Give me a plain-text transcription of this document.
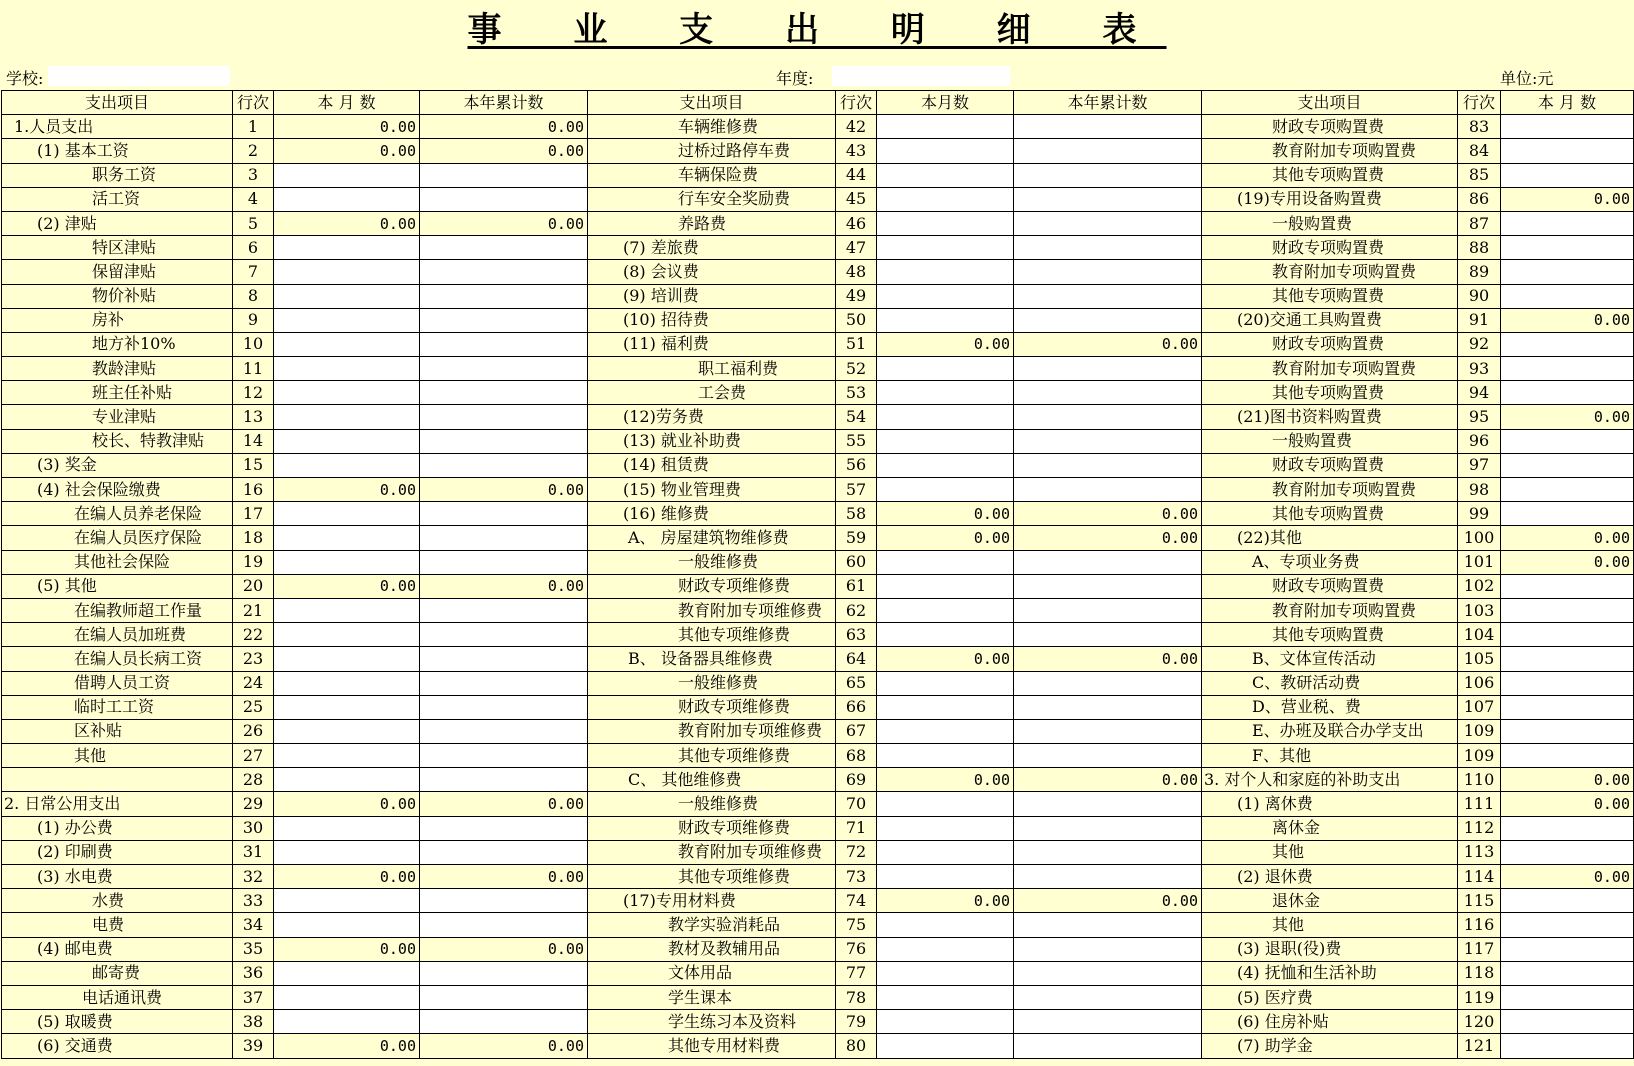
事 业 支 出 明 细 表
学校:	年度:	单位:元
支出项目	行次	本 月 数	本年累计数	支出项目	行次	本月数	本年累计数	支出项目	行次	本 月 数
1.人员支出	1	0.00	0.00	车辆维修费	42			财政专项购置费	83	
(1) 基本工资	2	0.00	0.00	过桥过路停车费	43			教育附加专项购置费	84	
职务工资	3			车辆保险费	44			其他专项购置费	85	
活工资	4			行车安全奖励费	45			(19)专用设备购置费	86	0.00
(2) 津贴	5	0.00	0.00	养路费	46			一般购置费	87	
特区津贴	6			(7) 差旅费	47			财政专项购置费	88	
保留津贴	7			(8) 会议费	48			教育附加专项购置费	89	
物价补贴	8			(9) 培训费	49			其他专项购置费	90	
房补	9			(10) 招待费	50			(20)交通工具购置费	91	0.00
地方补10%	10			(11) 福利费	51	0.00	0.00	财政专项购置费	92	
教龄津贴	11			职工福利费	52			教育附加专项购置费	93	
班主任补贴	12			工会费	53			其他专项购置费	94	
专业津贴	13			(12)劳务费	54			(21)图书资料购置费	95	0.00
校长、特教津贴	14			(13) 就业补助费	55			一般购置费	96	
(3) 奖金	15			(14) 租赁费	56			财政专项购置费	97	
(4) 社会保险缴费	16	0.00	0.00	(15) 物业管理费	57			教育附加专项购置费	98	
在编人员养老保险	17			(16) 维修费	58	0.00	0.00	其他专项购置费	99	
在编人员医疗保险	18			A、 房屋建筑物维修费	59	0.00	0.00	(22)其他	100	0.00
其他社会保险	19			一般维修费	60			A、专项业务费	101	0.00
(5) 其他	20	0.00	0.00	财政专项维修费	61			财政专项购置费	102	
在编教师超工作量	21			教育附加专项维修费	62			教育附加专项购置费	103	
在编人员加班费	22			其他专项维修费	63			其他专项购置费	104	
在编人员长病工资	23			B、 设备器具维修费	64	0.00	0.00	B、文体宣传活动	105	
借聘人员工资	24			一般维修费	65			C、教研活动费	106	
临时工工资	25			财政专项维修费	66			D、营业税、费	107	
区补贴	26			教育附加专项维修费	67			E、办班及联合办学支出	109	
其他	27			其他专项维修费	68			F、其他	109	
	28			C、 其他维修费	69	0.00	0.00	3. 对个人和家庭的补助支出	110	0.00
2. 日常公用支出	29	0.00	0.00	一般维修费	70			(1) 离休费	111	0.00
(1) 办公费	30			财政专项维修费	71			离休金	112	
(2) 印刷费	31			教育附加专项维修费	72			其他	113	
(3) 水电费	32	0.00	0.00	其他专项维修费	73			(2) 退休费	114	0.00
水费	33			(17)专用材料费	74	0.00	0.00	退休金	115	
电费	34			教学实验消耗品	75			其他	116	
(4) 邮电费	35	0.00	0.00	教材及教辅用品	76			(3) 退职(役)费	117	
邮寄费	36			文体用品	77			(4) 抚恤和生活补助	118	
电话通讯费	37			学生课本	78			(5) 医疗费	119	
(5) 取暖费	38			学生练习本及资料	79			(6) 住房补贴	120	
(6) 交通费	39	0.00	0.00	其他专用材料费	80			(7) 助学金	121	
